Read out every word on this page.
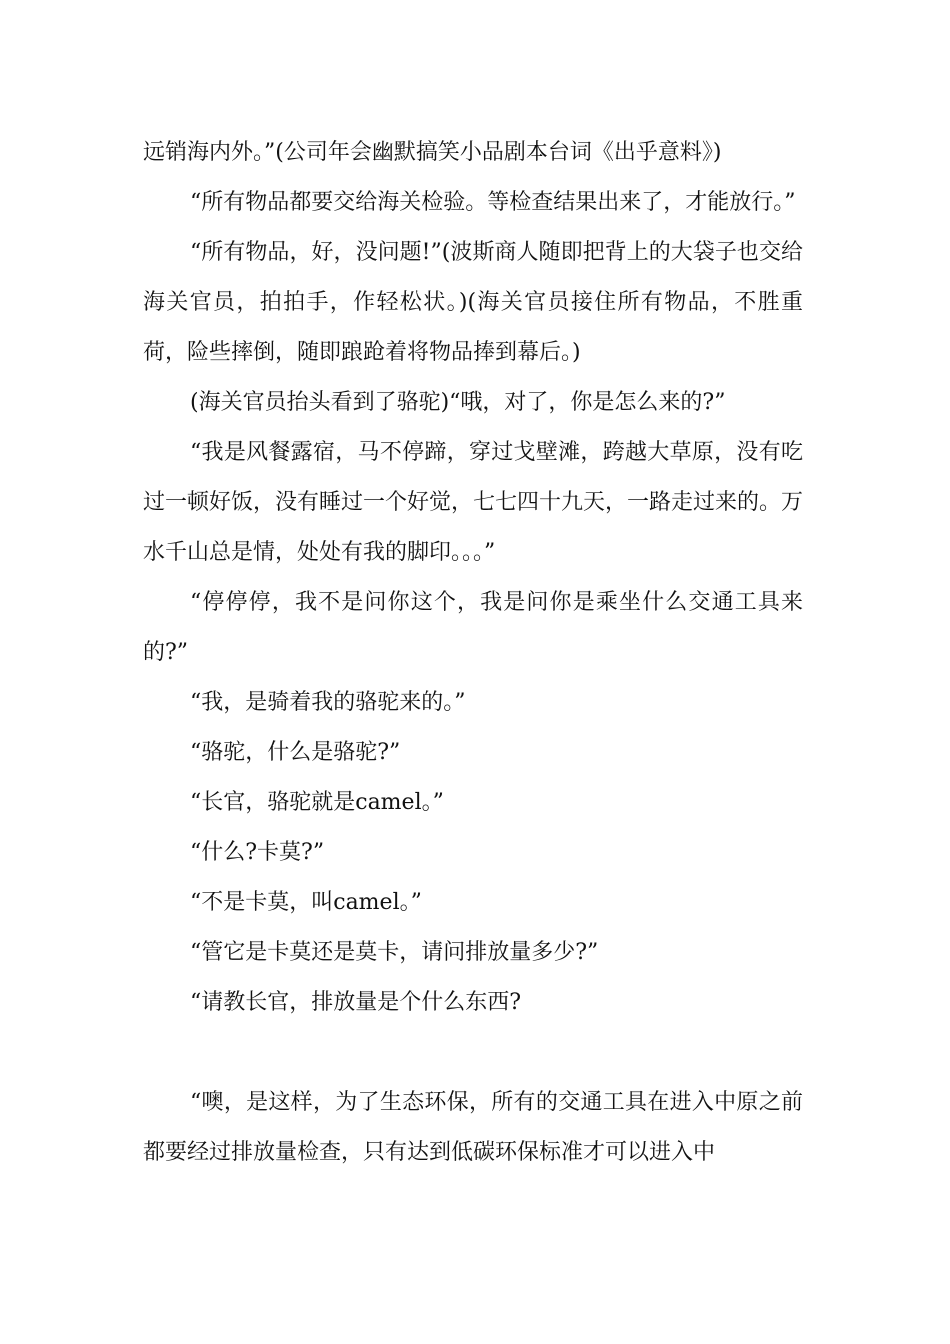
远销海内外。”(公司年会幽默搞笑小品剧本台词《出乎意料》)

“所有物品都要交给海关检验。等检查结果出来了，才能放行。”

“所有物品，好，没问题!”(波斯商人随即把背上的大袋子也交给海关官员，拍拍手，作轻松状。)(海关官员接住所有物品，不胜重荷，险些摔倒，随即踉跄着将物品捧到幕后。)

(海关官员抬头看到了骆驼)“哦，对了，你是怎么来的?”

“我是风餐露宿，马不停蹄，穿过戈壁滩，跨越大草原，没有吃过一顿好饭，没有睡过一个好觉，七七四十九天，一路走过来的。万水千山总是情，处处有我的脚印。。。”

“停停停，我不是问你这个，我是问你是乘坐什么交通工具来的?”

“我，是骑着我的骆驼来的。”

“骆驼，什么是骆驼?”

“长官，骆驼就是camel。”

“什么?卡莫?”

“不是卡莫，叫camel。”

“管它是卡莫还是莫卡，请问排放量多少?”

“请教长官，排放量是个什么东西?

“噢，是这样，为了生态环保，所有的交通工具在进入中原之前都要经过排放量检查，只有达到低碳环保标准才可以进入中
